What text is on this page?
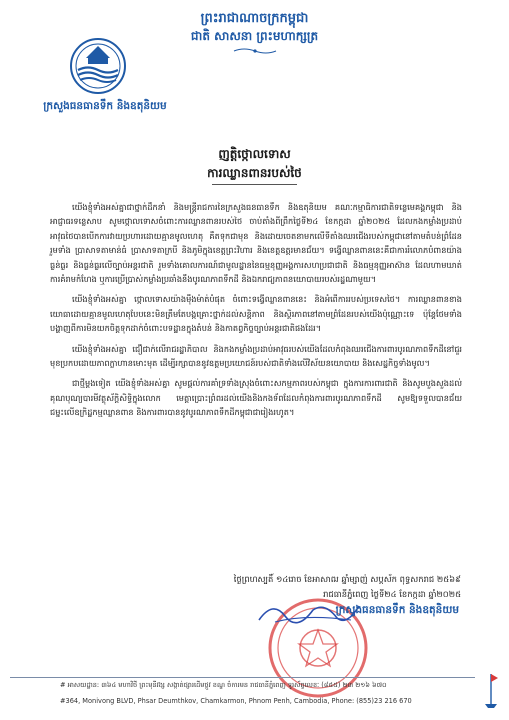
ព្រះរាជាណាចក្រកម្ពុជា
ជាតិ សាសនា ព្រះមហាក្សត្រ
ក្រសួងធនធានទឹក និងឧតុនិយម
ញត្តិថ្កោលទោស
ការឈ្លានពានរបស់ថៃ

យើងខ្ញុំទាំងអស់គ្នាជាថ្នាក់ដឹកនាំ និងមន្ត្រីរាជការនៃក្រសួងធនធានទឹក និងឧតុនិយម គណៈកម្មាធិការជាតិទន្លេមេគង្គកម្ពុជា និងអាជ្ញាធរទន្លេសាប សូមថ្កោលទោសចំពោះការឈ្លានពានរបស់ថៃ ចាប់តាំងពីព្រឹកថ្ងៃទី២៤ ខែកក្កដា ឆ្នាំ២០២៥ ដែលកងកម្លាំងប្រដាប់អាវុធថៃបានបើកការវាយប្រហារដោយគ្មានមូលហេតុ គឺតទុកជាមុន និងដោយចេតនាមកលើទីតាំងឈរជើងរបស់កម្ពុជានៅតាមតំបន់ព្រំដែន រួមទាំង ប្រាសាទតាមាន់ធំ ប្រាសាទតាក្របី និងភូមិក្នុងខេត្តព្រះវិហារ និងខេត្តឧត្តរមានជ័យ។ ទង្វើឈ្លានពាននេះគឺជាការរំលោភបំពានយ៉ាងធ្ងន់ធ្ងរ និងធ្ងន់ធ្ងរលើច្បាប់អន្តរជាតិ រួមទាំងគោលការណ៍ជាមូលដ្ឋាននៃធម្មនុញ្ញអង្គការសហប្រជាជាតិ និងធម្មនុញ្ញអាស៊ាន ដែលហាមឃាត់ការគំរាមកំហែង ឬការប្រើប្រាស់កម្លាំងប្រឆាំងនឹងបូរណភាពទឹកដី និងឯករាជ្យភាពនយោបាយរបស់រដ្ឋណាមួយ។

យើងខ្ញុំទាំងអស់គ្នា ថ្កោលទោសយ៉ាងម៉ឺងម៉ាត់បំផុត ចំពោះទង្វើឈ្លានពាននេះ និងអំពើការរបស់ប្រទេសថៃ។ ការឈ្លានពានខាងយោធាដោយគ្មានមូលហេតុបែបនេះមិនត្រឹមតែបង្កគ្រោះថ្នាក់ដល់សន្តិភាព និងស្ថិរភាពនៅតាមព្រំដែនរបស់យើងប៉ុណ្ណោះទេ ប៉ុន្តែថែមទាំងបង្ហាញពីការមិនយកចិត្តទុកដាក់ចំពោះបទដ្ឋានក្នុងតំបន់ និងកាតព្វកិច្ចច្បាប់អន្តរជាតិផងដែរ។

យើងខ្ញុំទាំងអស់គ្នា ជឿជាក់លើរាជរដ្ឋាភិបាល និងកងកម្លាំងប្រដាប់អាវុធរបស់យើងដែលកំពុងឈរជើងការពារបូរណភាពទឹកដីនៅជួរមុខប្រកបដោយភាពក្លាហានមោះមុត ដើម្បីរក្សាបាននូវឧត្តមប្រយោជន៍របស់ជាតិទាំងលើវិស័យនយោបាយ និងសេដ្ឋកិច្ចទាំងមូល។

ជាថ្មីម្តងទៀត យើងខ្ញុំទាំងអស់គ្នា សូមផ្តល់ការគាំទ្រទាំងស្រុងចំពោះសកម្មភាពរបស់កម្ពុជា ក្នុងការការពារជាតិ និងសូមបួងសួងដល់គុណបុណ្យបារមីវត្ថុស័ក្តិសិទ្ធិក្នុងលោក មេត្តាប្រោះព្រំពរដល់យើងនិងកងទ័ពដែលកំពុងការពារបូរណភាពទឹកដី សូមឱ្យទទួលបានជ័យជម្នះលើឧក្រិដ្ឋកម្មឈ្លានពាន និងការពារបាននូវបូរណភាពទឹកដីកម្ពុជាជារៀងរហូត។

ថ្ងៃព្រហស្បតិ៍ ១៤រោច ខែអាសាឍ ឆ្នាំម្សាញ់ សប្តស័ក ពុទ្ធសករាជ ២៥៦៩
រាជធានីភ្នំពេញ ថ្ងៃទី២៤ ខែកក្កដា ឆ្នាំ២០២៥
ក្រសួងធនធានទឹក និងឧតុនិយម
# អាសយដ្ឋាន: ៣៦៤ មហាវិថី ព្រះមុនីវង្ស សង្កាត់ផ្សារដើមថ្កូវ ខណ្ឌ ចំការមន រាជធានីភ្នំពេញ ទូរស័ព្ទលេខៈ (៨៥៥) ២៣ ២១៦ ៦៧០
#364, Monivong BLVD, Phsar Deumthkov, Chamkarmon, Phnom Penh, Cambodia, Phone: (855)23 216 670
